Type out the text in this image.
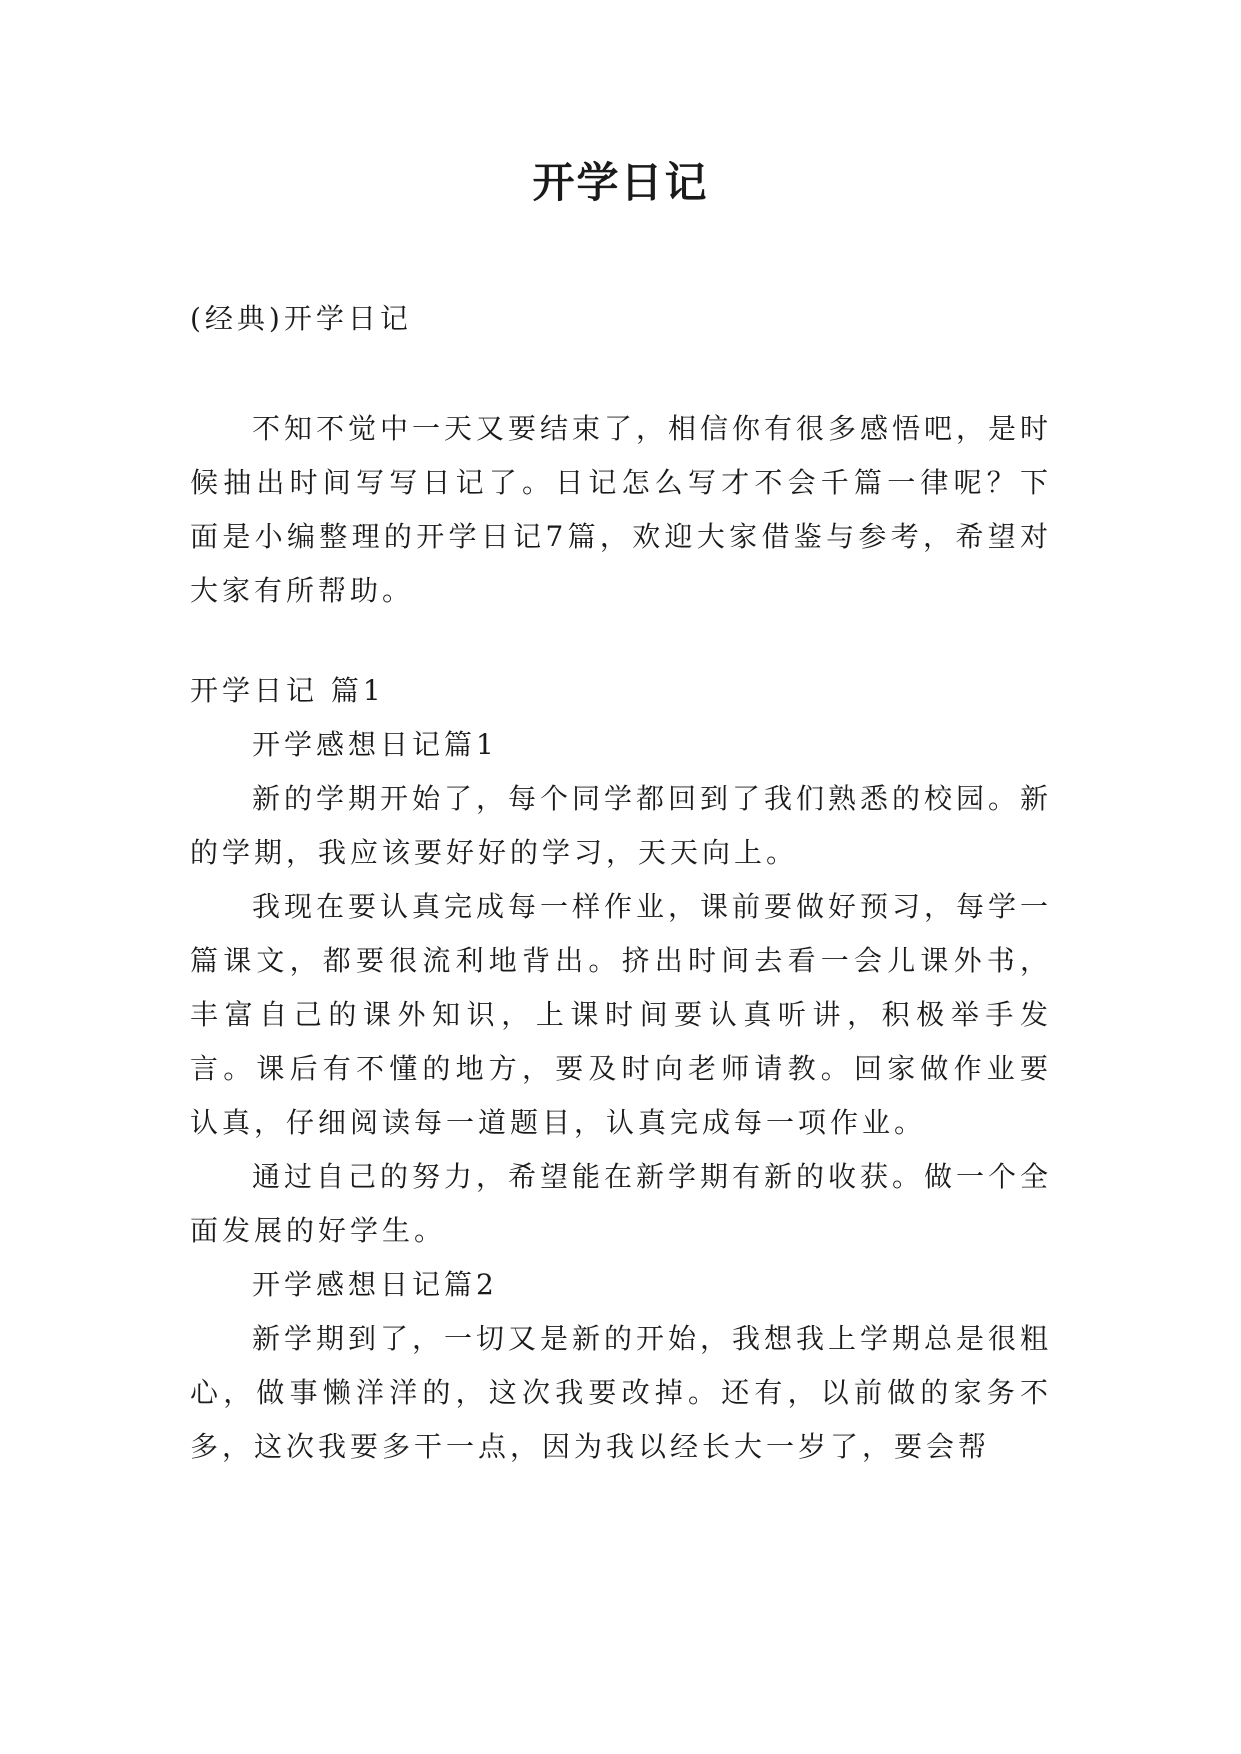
开学日记

(经典)开学日记

不知不觉中一天又要结束了，相信你有很多感悟吧，是时候抽出时间写写日记了。日记怎么写才不会千篇一律呢？下面是小编整理的开学日记7篇，欢迎大家借鉴与参考，希望对大家有所帮助。

开学日记 篇1

开学感想日记篇1

新的学期开始了，每个同学都回到了我们熟悉的校园。新的学期，我应该要好好的学习，天天向上。

我现在要认真完成每一样作业，课前要做好预习，每学一篇课文，都要很流利地背出。挤出时间去看一会儿课外书，丰富自己的课外知识，上课时间要认真听讲，积极举手发言。课后有不懂的地方，要及时向老师请教。回家做作业要认真，仔细阅读每一道题目，认真完成每一项作业。

通过自己的努力，希望能在新学期有新的收获。做一个全面发展的好学生。

开学感想日记篇2

新学期到了，一切又是新的开始，我想我上学期总是很粗心，做事懒洋洋的，这次我要改掉。还有，以前做的家务不多，这次我要多干一点，因为我以经长大一岁了，要会帮
